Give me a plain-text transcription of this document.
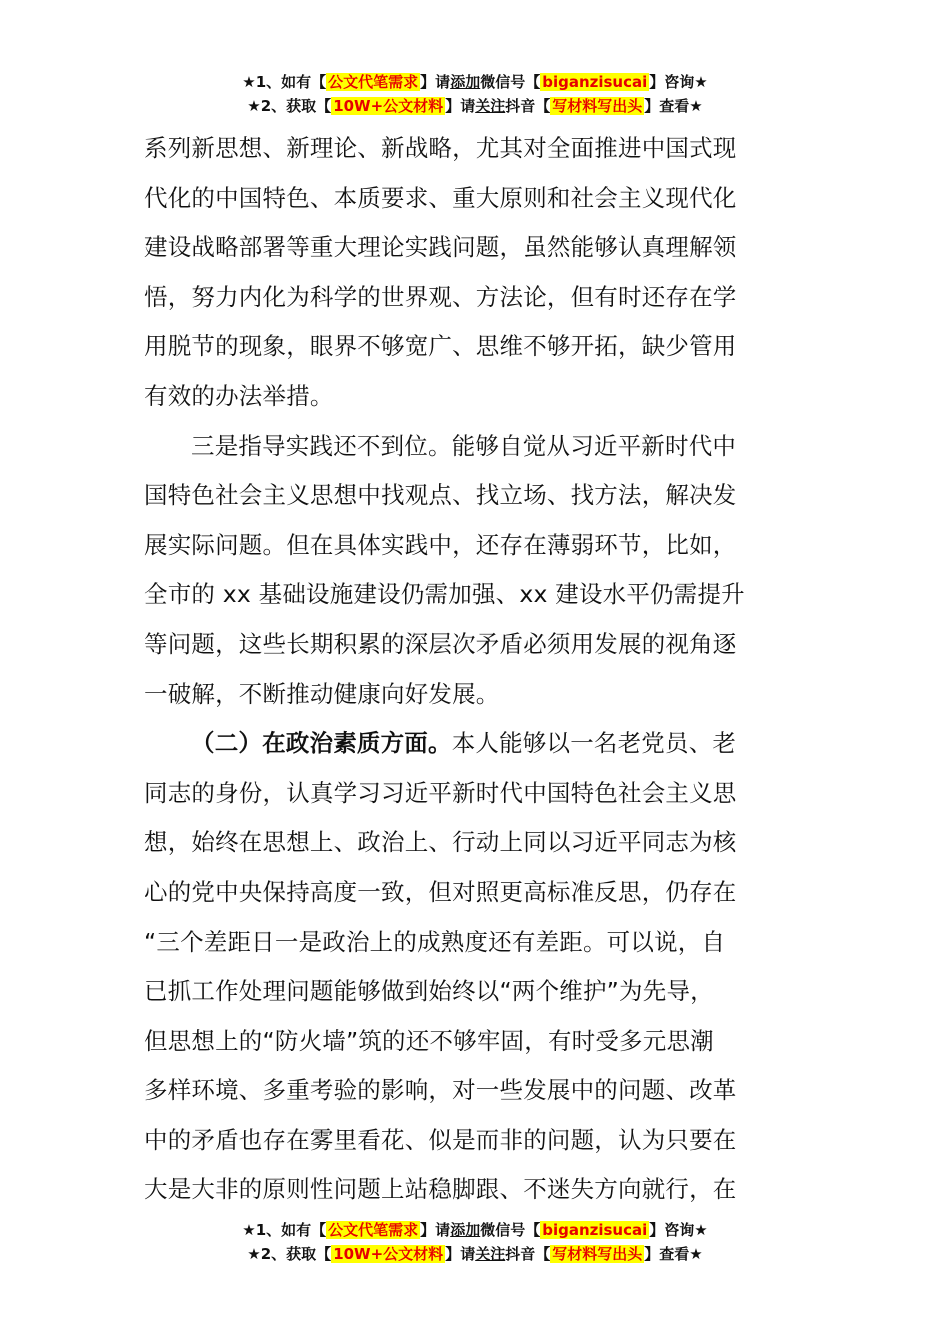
★1、如有【 公文代笔需求 】请添加微信号【 biganzisucai 】咨询★
★2、获取【 10W+公文材料 】请关注抖音【 写材料写出头 】查看★
系列新思想、新理论、新战略，尤其对全面推进中国式现
代化的中国特色、本质要求、重大原则和社会主义现代化
建设战略部署等重大理论实践问题，虽然能够认真理解领
悟，努力内化为科学的世界观、方法论，但有时还存在学
用脱节的现象，眼界不够宽广、思维不够开拓，缺少管用
有效的办法举措。
三是指导实践还不到位。能够自觉从习近平新时代中
国特色社会主义思想中找观点、找立场、找方法，解决发
展实际问题。但在具体实践中，还存在薄弱环节，比如，
全市的 xx 基础设施建设仍需加强、xx 建设水平仍需提升
等问题，这些长期积累的深层次矛盾必须用发展的视角逐
一破解，不断推动健康向好发展。
（二）在政治素质方面。本人能够以一名老党员、老
同志的身份，认真学习习近平新时代中国特色社会主义思
想，始终在思想上、政治上、行动上同以习近平同志为核
心的党中央保持高度一致，但对照更高标准反思，仍存在
“三个差距日一是政治上的成熟度还有差距。可以说，自
已抓工作处理问题能够做到始终以“两个维护”为先导，
但思想上的“防火墙”筑的还不够牢固，有时受多元思潮
多样环境、多重考验的影响，对一些发展中的问题、改革
中的矛盾也存在雾里看花、似是而非的问题，认为只要在
大是大非的原则性问题上站稳脚跟、不迷失方向就行，在
★1、如有【 公文代笔需求 】请添加微信号【 biganzisucai 】咨询★
★2、获取【 10W+公文材料 】请关注抖音【 写材料写出头 】查看★
